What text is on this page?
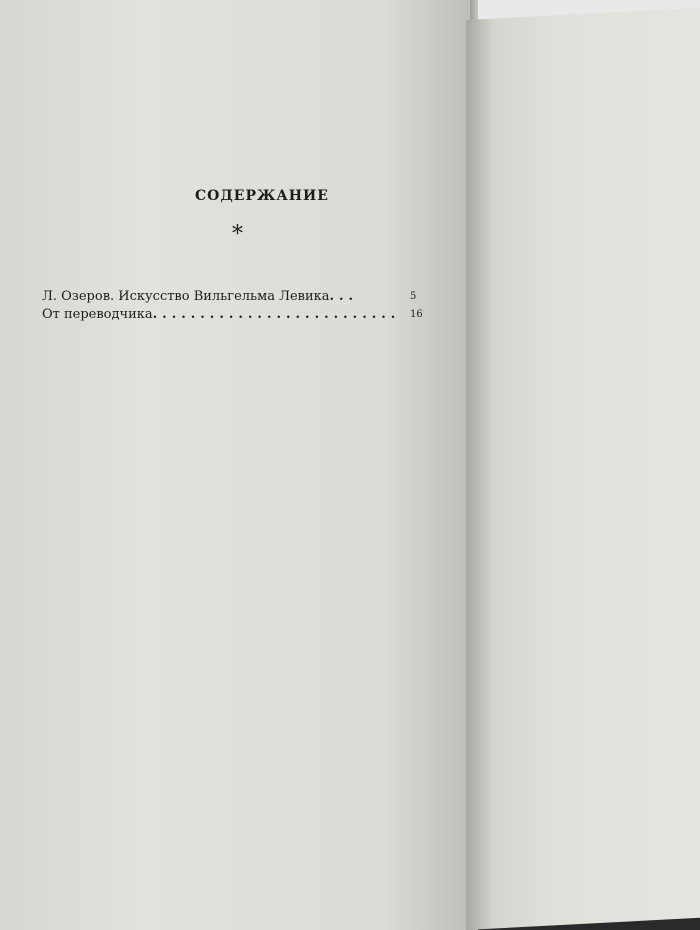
СОДЕРЖАНИЕ
*
Л. Озеров. Искусство Вильгельма Левика...	5
От переводчика.......................... 16
